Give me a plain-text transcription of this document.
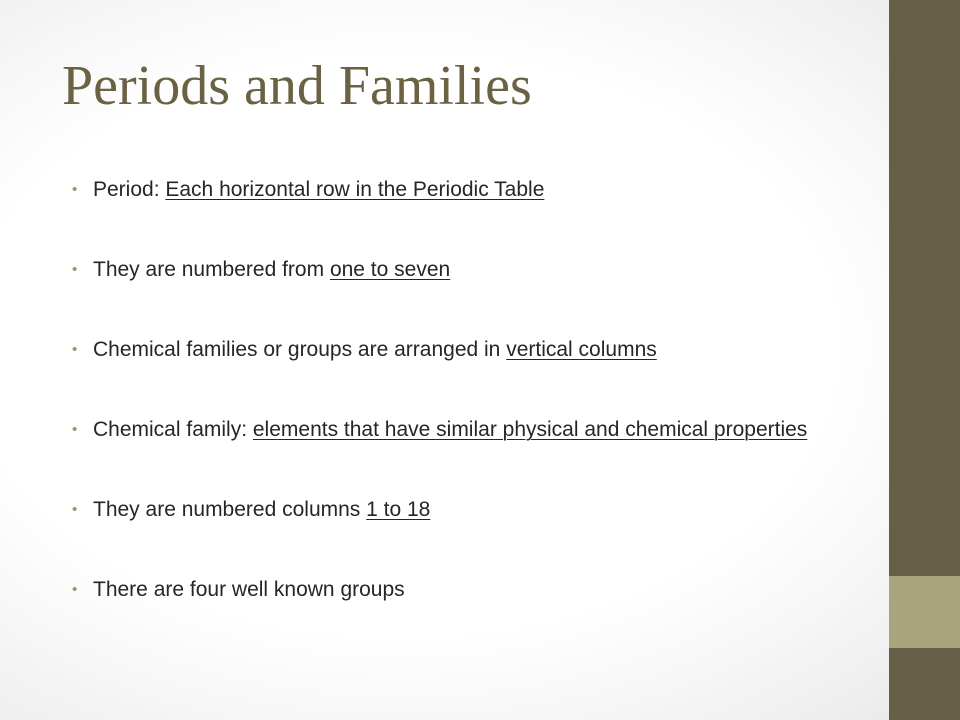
Periods and Families
• Period: Each horizontal row in the Periodic Table
• They are numbered from one to seven
• Chemical families or groups are arranged in vertical columns
• Chemical family: elements that have similar physical and chemical properties
• They are numbered columns 1 to 18
• There are four well known groups
